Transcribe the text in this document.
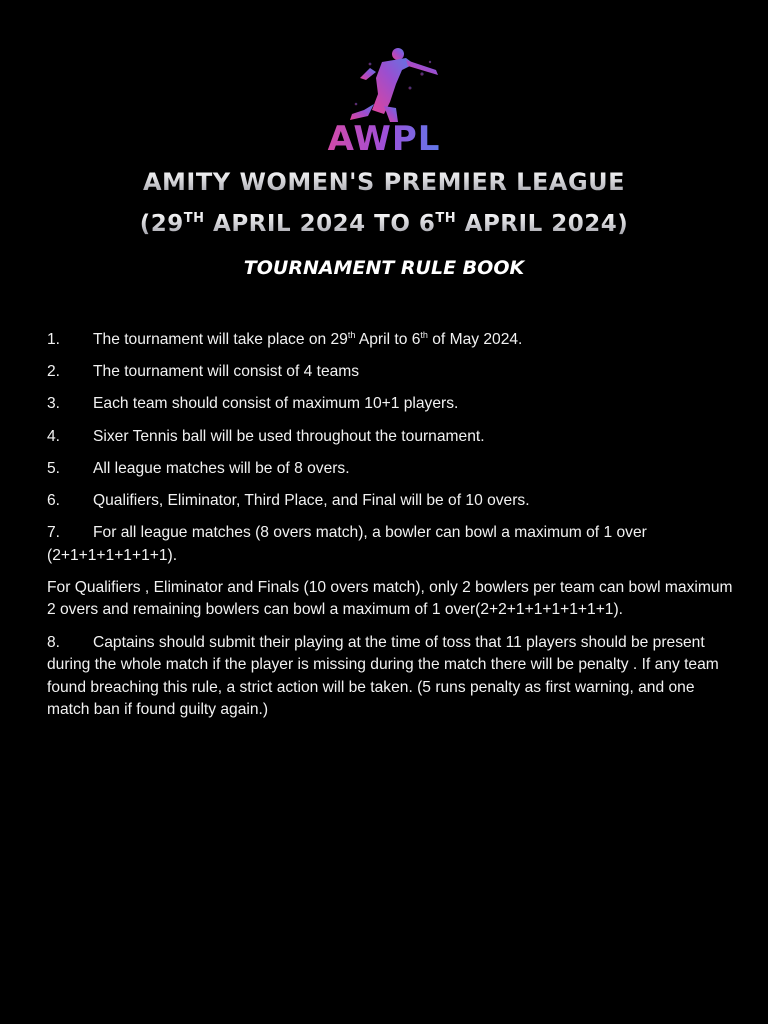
AWPL
AMITY WOMEN'S PREMIER LEAGUE
(29TH APRIL 2024 TO 6TH APRIL 2024)
TOURNAMENT RULE BOOK
1. The tournament will take place on 29th April to 6th of May 2024.
2. The tournament will consist of 4 teams
3. Each team should consist of maximum 10+1 players.
4. Sixer Tennis ball will be used throughout the tournament.
5. All league matches will be of 8 overs.
6. Qualifiers, Eliminator, Third Place, and Final will be of 10 overs.
7. For all league matches (8 overs match), a bowler can bowl a maximum of 1 over (2+1+1+1+1+1+1).
For Qualifiers , Eliminator and Finals (10 overs match), only 2 bowlers per team can bowl maximum 2 overs and remaining bowlers can bowl a maximum of 1 over(2+2+1+1+1+1+1+1).
8. Captains should submit their playing at the time of toss that 11 players should be present during the whole match if the player is missing during the match there will be penalty . If any team found breaching this rule, a strict action will be taken. (5 runs penalty as first warning, and one match ban if found guilty again.)
